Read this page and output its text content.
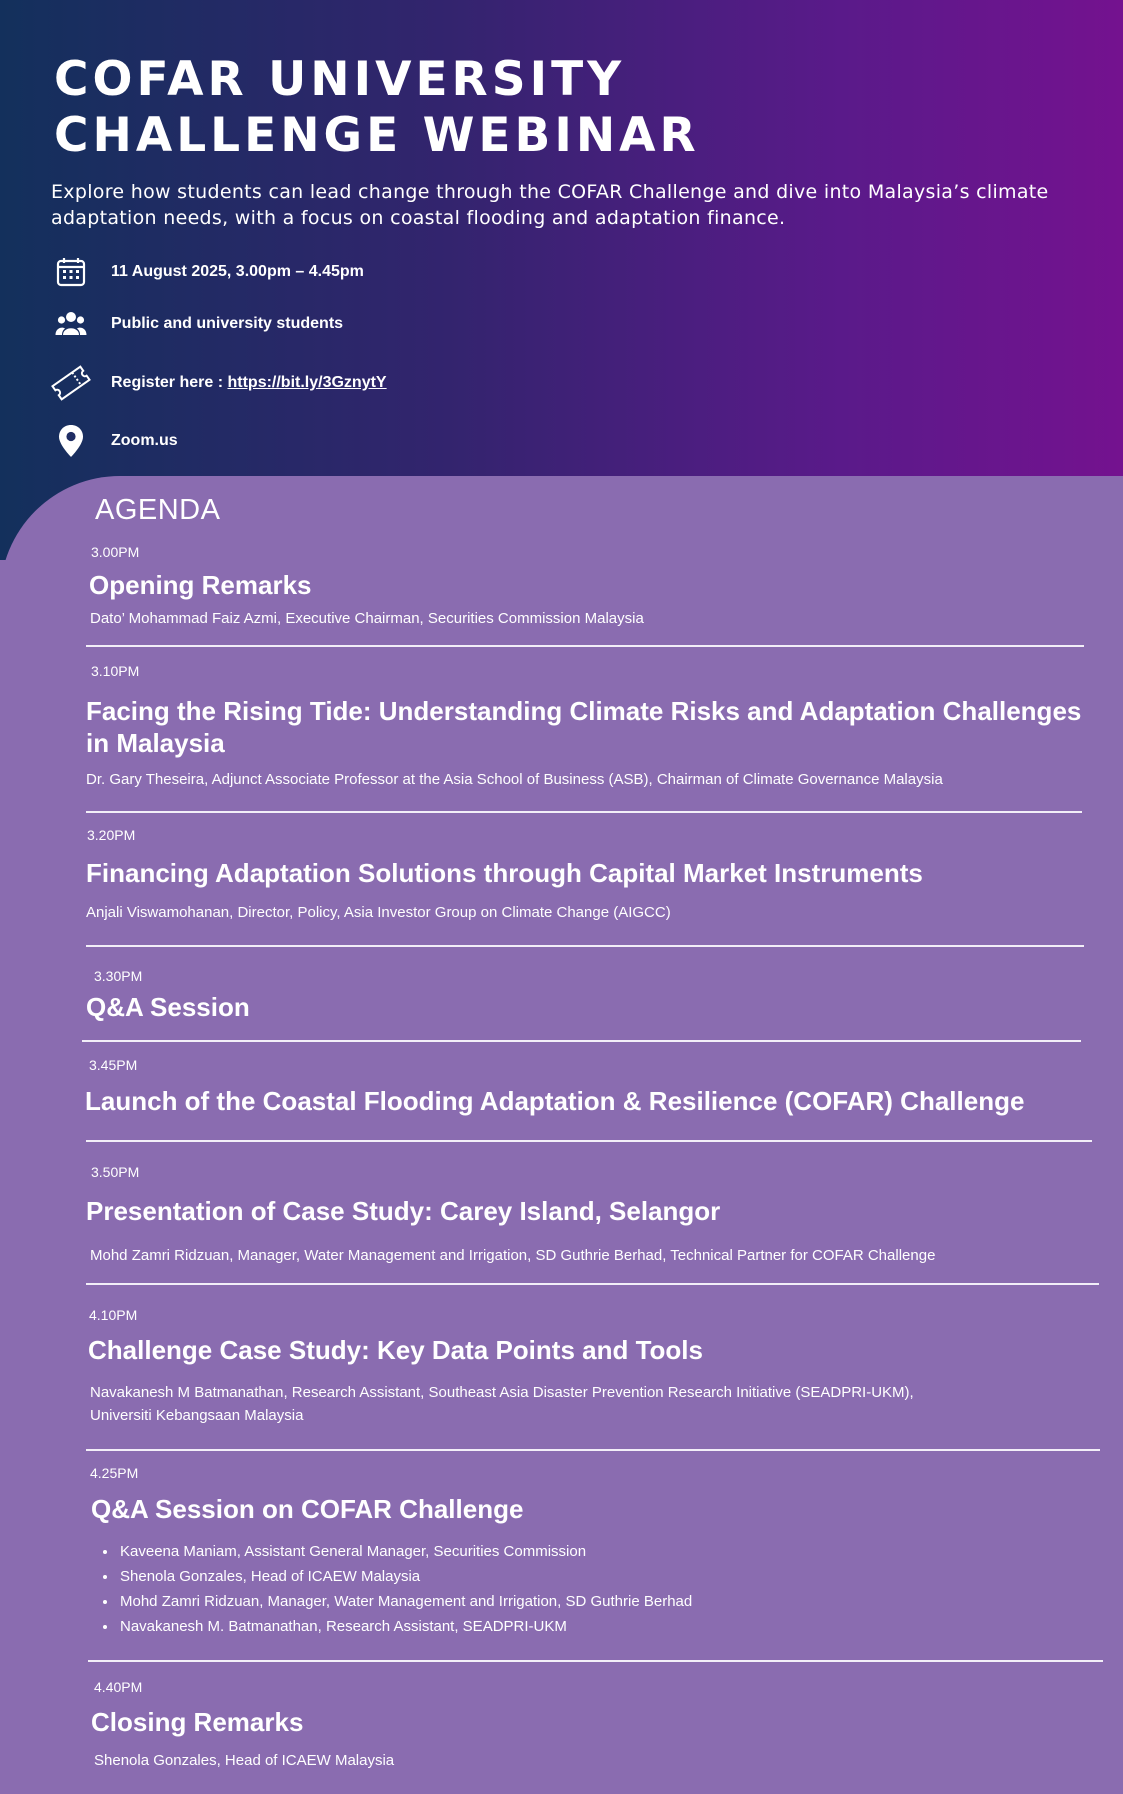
COFAR UNIVERSITY
CHALLENGE WEBINAR

Explore how students can lead change through the COFAR Challenge and dive into Malaysia’s climate adaptation needs, with a focus on coastal flooding and adaptation finance.

11 August 2025, 3.00pm – 4.45pm
Public and university students
Register here : https://bit.ly/3GznytY
Zoom.us
AGENDA
3.00PM
Opening Remarks
Dato’ Mohammad Faiz Azmi, Executive Chairman, Securities Commission Malaysia
3.10PM
Facing the Rising Tide: Understanding Climate Risks and Adaptation Challenges
in Malaysia
Dr. Gary Theseira, Adjunct Associate Professor at the Asia School of Business (ASB), Chairman of Climate Governance Malaysia
3.20PM
Financing Adaptation Solutions through Capital Market Instruments
Anjali Viswamohanan, Director, Policy, Asia Investor Group on Climate Change (AIGCC)
3.30PM
Q&A Session
3.45PM
Launch of the Coastal Flooding Adaptation & Resilience (COFAR) Challenge
3.50PM
Presentation of Case Study: Carey Island, Selangor
Mohd Zamri Ridzuan, Manager, Water Management and Irrigation, SD Guthrie Berhad, Technical Partner for COFAR Challenge
4.10PM
Challenge Case Study: Key Data Points and Tools
Navakanesh M Batmanathan, Research Assistant, Southeast Asia Disaster Prevention Research Initiative (SEADPRI-UKM),
Universiti Kebangsaan Malaysia
4.25PM
Q&A Session on COFAR Challenge
• Kaveena Maniam, Assistant General Manager, Securities Commission
• Shenola Gonzales, Head of ICAEW Malaysia
• Mohd Zamri Ridzuan, Manager, Water Management and Irrigation, SD Guthrie Berhad
• Navakanesh M. Batmanathan, Research Assistant, SEADPRI-UKM
4.40PM
Closing Remarks
Shenola Gonzales, Head of ICAEW Malaysia
